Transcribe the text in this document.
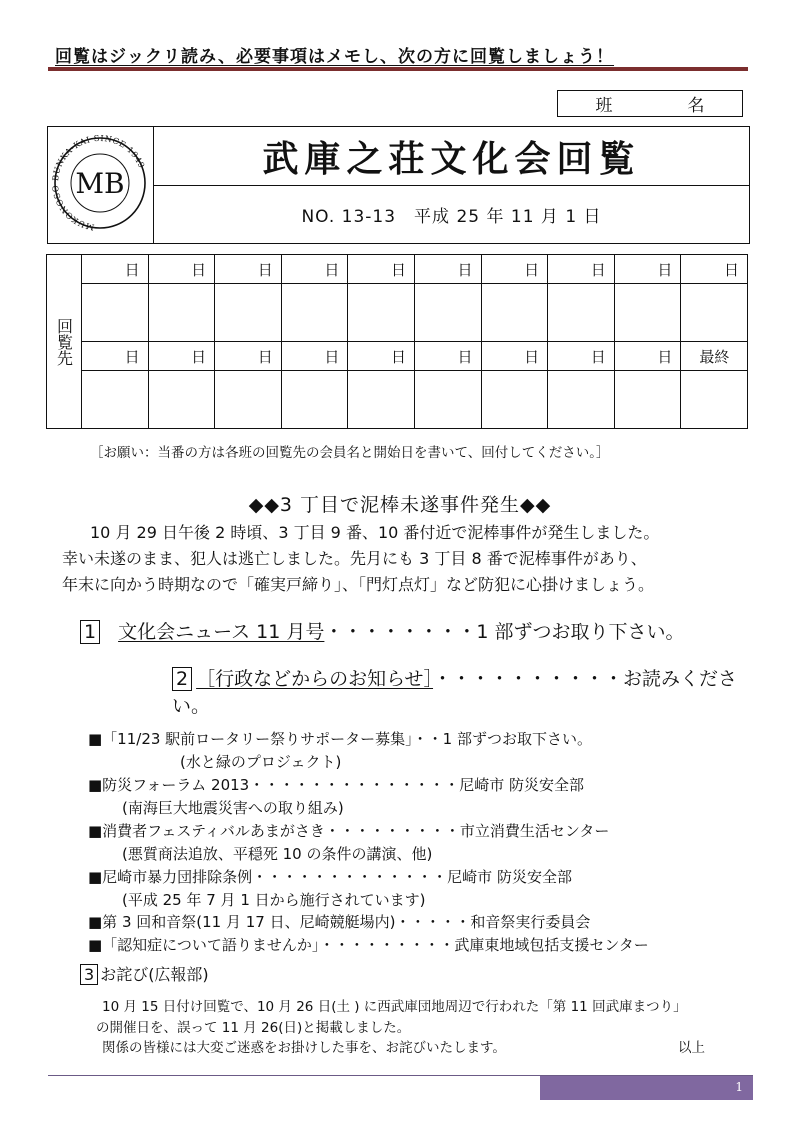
回覧はジックリ読み、必要事項はメモし、次の方に回覧しましょう！
班	名
MUKONOSO BUNKA-KAI SINCE 1949
MB
武庫之荘文化会回覧
NO. 13-13　平成 25 年 11 月 1 日
回覧先	日	日	日	日	日	日	日	日	日	日

	日	日	日	日	日	日	日	日	日	最終

［お願い：当番の方は各班の回覧先の会員名と開始日を書いて、回付してください。］
◆◆3 丁目で泥棒未遂事件発生◆◆
10 月 29 日午後 2 時頃、3 丁目 9 番、10 番付近で泥棒事件が発生しました。
幸い未遂のまま、犯人は逃亡しました。先月にも 3 丁目 8 番で泥棒事件があり、
年末に向かう時期なので「確実戸締り」、「門灯点灯」など防犯に心掛けましょう。
1 文化会ニュース 11 月号・・・・・・・・1 部ずつお取り下さい。
2 ［行政などからのお知らせ］・・・・・・・・・・お読みください。
■「11/23 駅前ロータリー祭りサポーター募集」・・1 部ずつお取下さい。
(水と緑のプロジェクト)
■防災フォーラム 2013・・・・・・・・・・・・・・尼崎市 防災安全部
(南海巨大地震災害への取り組み)
■消費者フェスティバルあまがさき・・・・・・・・・市立消費生活センター
(悪質商法追放、平穏死 10 の条件の講演、他)
■尼崎市暴力団排除条例・・・・・・・・・・・・・尼崎市 防災安全部
(平成 25 年 7 月 1 日から施行されています)
■第 3 回和音祭(11 月 17 日、尼崎競艇場内)・・・・・和音祭実行委員会
■「認知症について語りませんか」・・・・・・・・・武庫東地域包括支援センター
3 お詫び(広報部)
10 月 15 日付け回覧で、10 月 26 日(土 ) に西武庫団地周辺で行われた「第 11 回武庫まつり」
の開催日を、誤って 11 月 26(日)と掲載しました。
関係の皆様には大変ご迷惑をお掛けした事を、お詫びいたします。	以上
1
